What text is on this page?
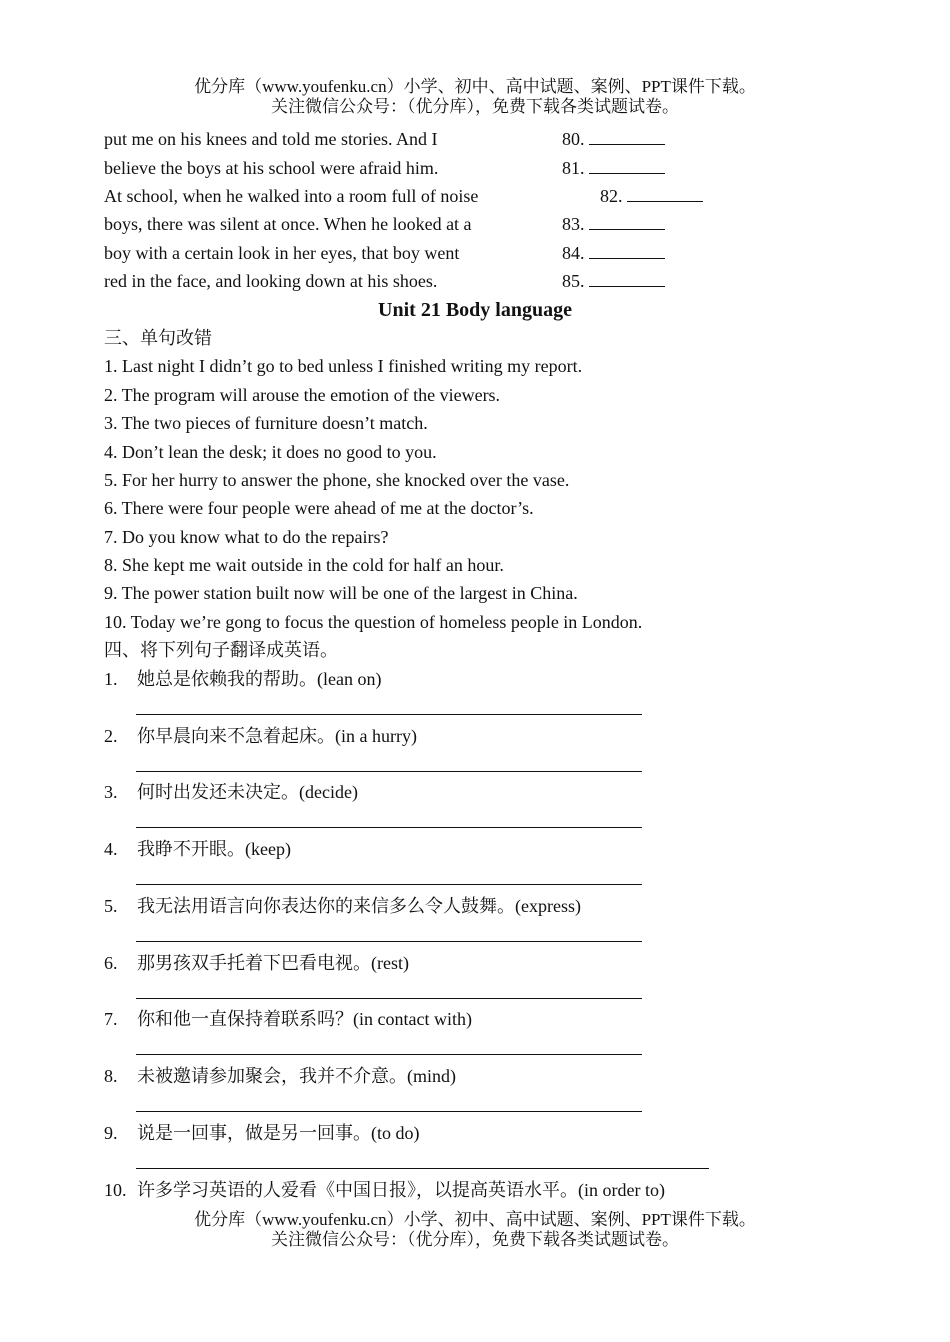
优分库（www.youfenku.cn）小学、初中、高中试题、案例、PPT课件下载。
关注微信公众号：（优分库），免费下载各类试题试卷。
put me on his knees and told me stories. And I	80.
believe the boys at his school were afraid him.	81.
At school, when he walked into a room full of noise	82.
boys, there was silent at once. When he looked at a	83.
boy with a certain look in her eyes, that boy went	84.
red in the face, and looking down at his shoes.	85.
Unit 21 Body language
三、单句改错
1. Last night I didn’t go to bed unless I finished writing my report.
2. The program will arouse the emotion of the viewers.
3. The two pieces of furniture doesn’t match.
4. Don’t lean the desk; it does no good to you.
5. For her hurry to answer the phone, she knocked over the vase.
6. There were four people were ahead of me at the doctor’s.
7. Do you know what to do the repairs?
8. She kept me wait outside in the cold for half an hour.
9. The power station built now will be one of the largest in China.
10. Today we’re gong to focus the question of homeless people in London.
四、将下列句子翻译成英语。
1. 她总是依赖我的帮助。(lean on)
2. 你早晨向来不急着起床。(in a hurry)
3. 何时出发还未决定。(decide)
4. 我睁不开眼。(keep)
5. 我无法用语言向你表达你的来信多么令人鼓舞。(express)
6. 那男孩双手托着下巴看电视。(rest)
7. 你和他一直保持着联系吗？(in contact with)
8. 未被邀请参加聚会，我并不介意。(mind)
9. 说是一回事，做是另一回事。(to do)
10. 许多学习英语的人爱看《中国日报》，以提高英语水平。(in order to)
优分库（www.youfenku.cn）小学、初中、高中试题、案例、PPT课件下载。
关注微信公众号：（优分库），免费下载各类试题试卷。
